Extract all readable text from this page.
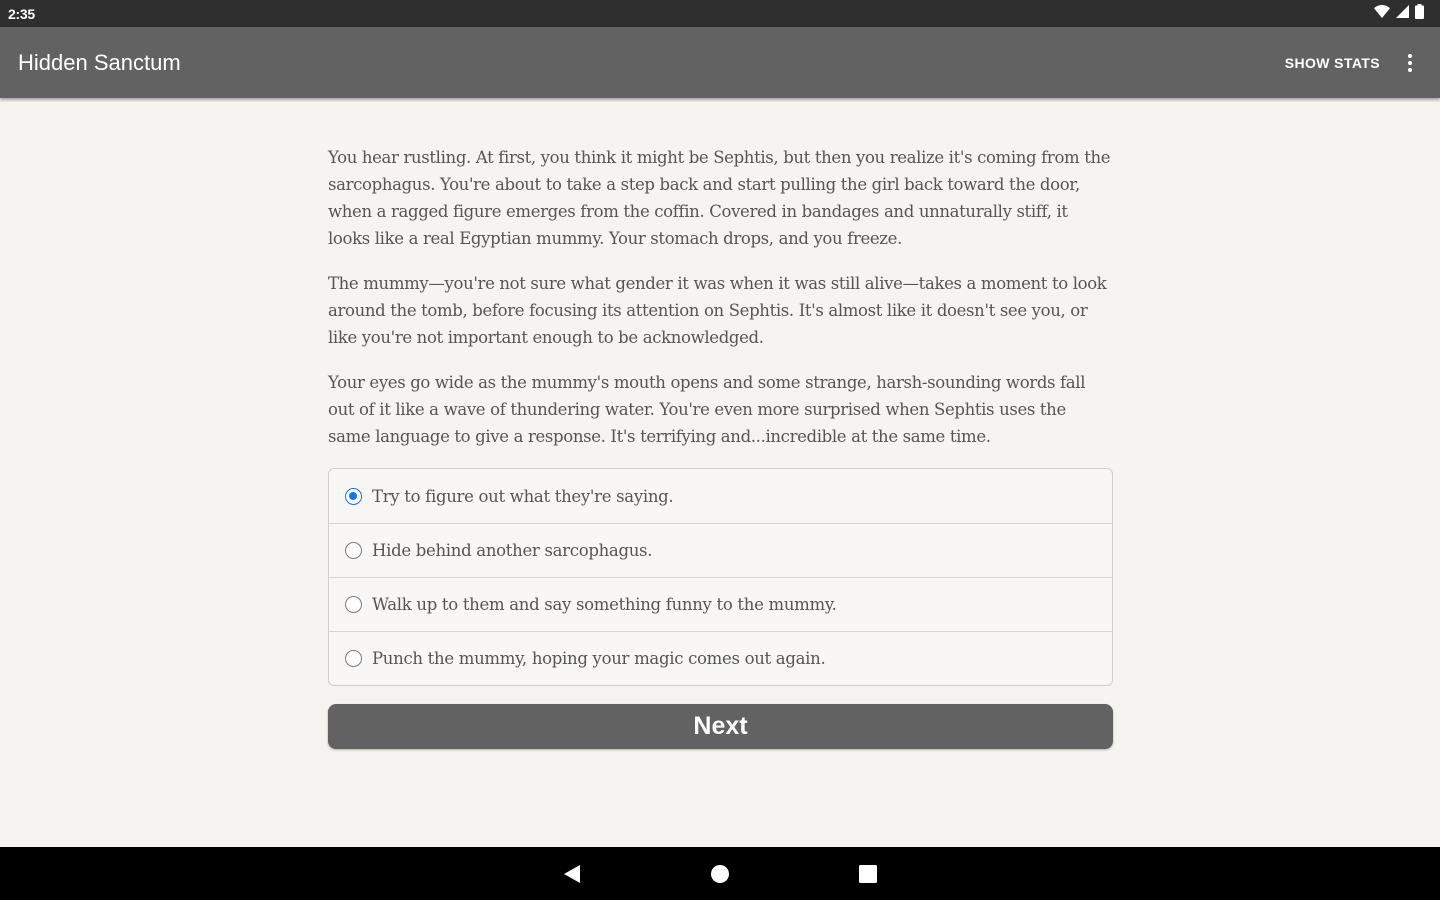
2:35
Hidden Sanctum	SHOW STATS

You hear rustling. At first, you think it might be Sephtis, but then you realize it's coming from the sarcophagus. You're about to take a step back and start pulling the girl back toward the door, when a ragged figure emerges from the coffin. Covered in bandages and unnaturally stiff, it looks like a real Egyptian mummy. Your stomach drops, and you freeze.

The mummy—you're not sure what gender it was when it was still alive—takes a moment to look around the tomb, before focusing its attention on Sephtis. It's almost like it doesn't see you, or like you're not important enough to be acknowledged.

Your eyes go wide as the mummy's mouth opens and some strange, harsh-sounding words fall out of it like a wave of thundering water. You're even more surprised when Sephtis uses the same language to give a response. It's terrifying and...incredible at the same time.

Try to figure out what they're saying.
Hide behind another sarcophagus.
Walk up to them and say something funny to the mummy.
Punch the mummy, hoping your magic comes out again.
Next
